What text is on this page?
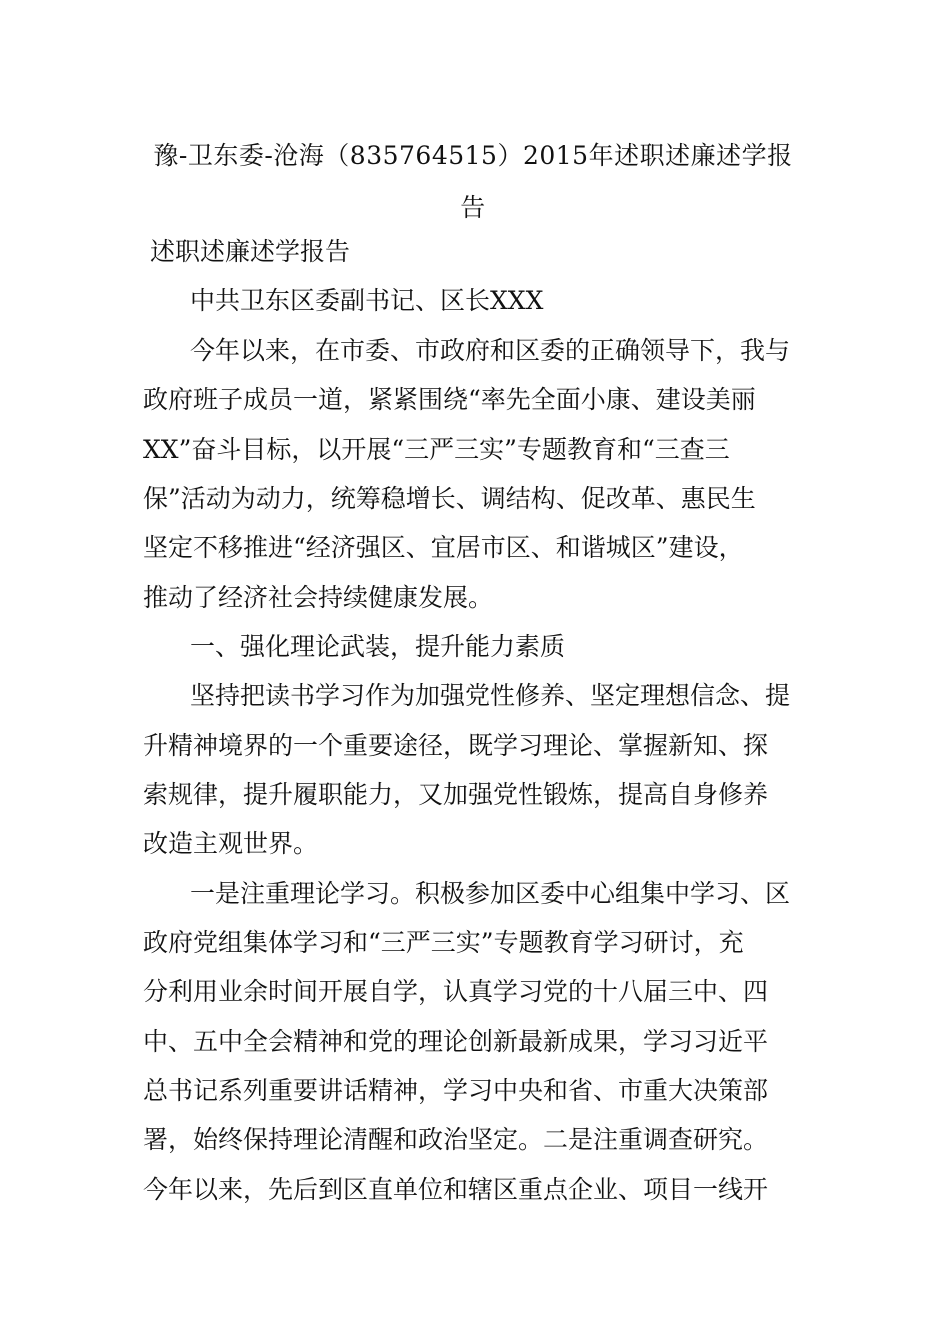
豫-卫东委-沧海（835764515）2015年述职述廉述学报
告
述职述廉述学报告
中共卫东区委副书记、区长XXX
今年以来，在市委、市政府和区委的正确领导下，我与
政府班子成员一道，紧紧围绕“率先全面小康、建设美丽
XX”奋斗目标，以开展“三严三实”专题教育和“三查三
保”活动为动力，统筹稳增长、调结构、促改革、惠民生
坚定不移推进“经济强区、宜居市区、和谐城区”建设，
推动了经济社会持续健康发展。
一、强化理论武装，提升能力素质
坚持把读书学习作为加强党性修养、坚定理想信念、提
升精神境界的一个重要途径，既学习理论、掌握新知、探
索规律，提升履职能力，又加强党性锻炼，提高自身修养
改造主观世界。
一是注重理论学习。积极参加区委中心组集中学习、区
政府党组集体学习和“三严三实”专题教育学习研讨，充
分利用业余时间开展自学，认真学习党的十八届三中、四
中、五中全会精神和党的理论创新最新成果，学习习近平
总书记系列重要讲话精神，学习中央和省、市重大决策部
署，始终保持理论清醒和政治坚定。二是注重调查研究。
今年以来，先后到区直单位和辖区重点企业、项目一线开
